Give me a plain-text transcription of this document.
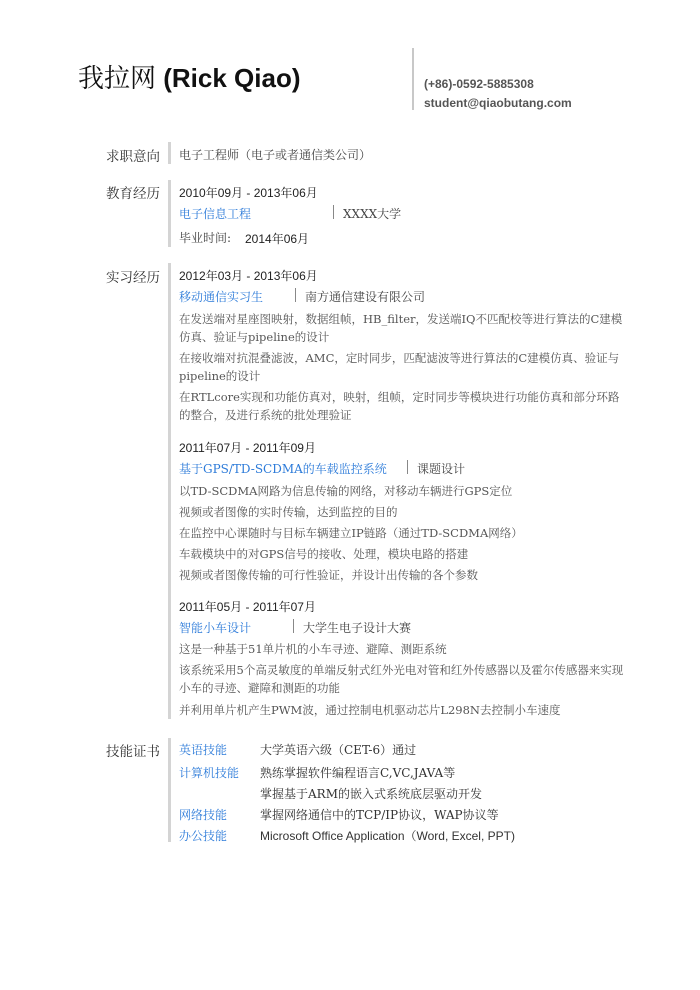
我拉网 (Rick Qiao)	(+86)-0592-5885308
student@qiaobutang.com
求职意向 电子工程师（电子或者通信类公司）
教育经历 2010年09月 - 2013年06月
电子信息工程	XXXX大学
毕业时间: 2014年06月
实习经历 2012年03月 - 2013年06月
移动通信实习生	南方通信建设有限公司
在发送端对星座图映射，数据组帧，HB_filter，发送端IQ不匹配校等进行算法的C建模仿真、验证与pipeline的设计
在接收端对抗混叠滤波，AMC，定时同步，匹配滤波等进行算法的C建模仿真、验证与pipeline的设计
在RTLcore实现和功能仿真对，映射，组帧，定时同步等模块进行功能仿真和部分环路的整合，及进行系统的批处理验证
2011年07月 - 2011年09月
基于GPS/TD-SCDMA的车载监控系统	课题设计
以TD-SCDMA网路为信息传输的网络，对移动车辆进行GPS定位
视频或者图像的实时传输，达到监控的目的
在监控中心课随时与目标车辆建立IP链路（通过TD-SCDMA网络）
车载模块中的对GPS信号的接收、处理，模块电路的搭建
视频或者图像传输的可行性验证，并设计出传输的各个参数
2011年05月 - 2011年07月
智能小车设计	大学生电子设计大赛
这是一种基于51单片机的小车寻迹、避障、测距系统
该系统采用5个高灵敏度的单端反射式红外光电对管和红外传感器以及霍尔传感器来实现小车的寻迹、避障和测距的功能
并利用单片机产生PWM波，通过控制电机驱动芯片L298N去控制小车速度
技能证书 英语技能	大学英语六级（CET-6）通过
计算机技能 熟练掌握软件编程语言C,VC,JAVA等
掌握基于ARM的嵌入式系统底层驱动开发
网络技能	掌握网络通信中的TCP/IP协议，WAP协议等
办公技能	Microsoft Office Application（Word, Excel, PPT)
